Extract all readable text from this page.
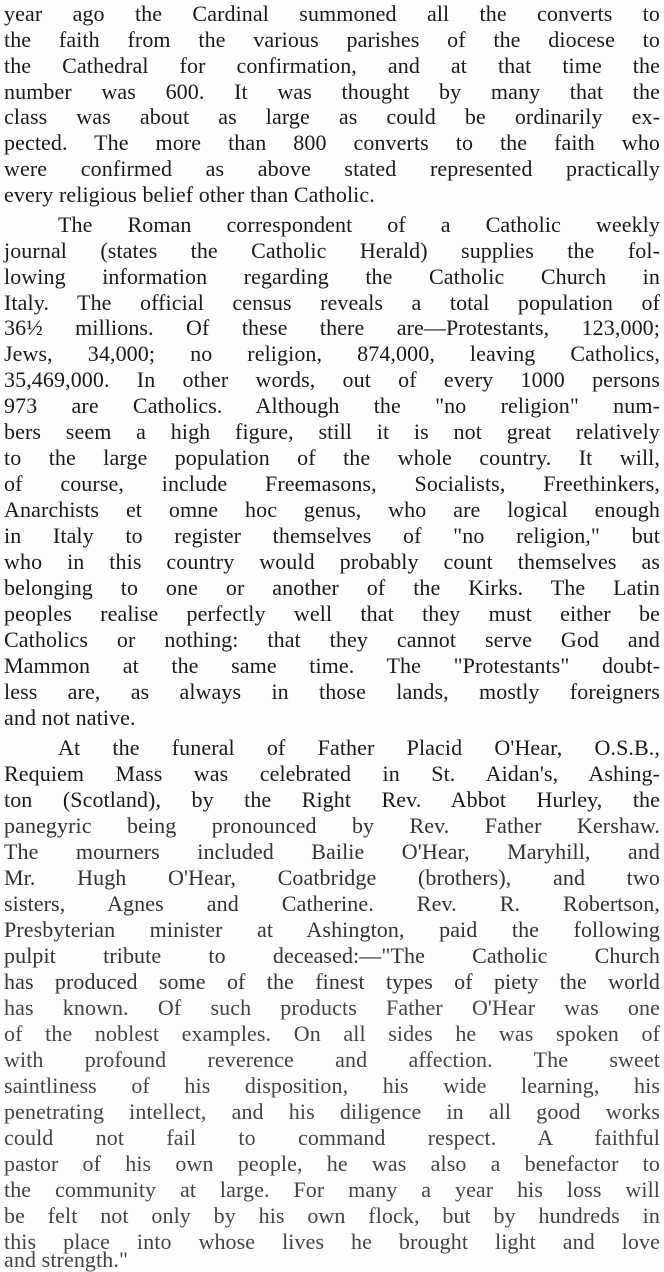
year ago the Cardinal summoned all the converts to
the faith from the various parishes of the diocese to
the Cathedral for confirmation, and at that time the
number was 600. It was thought by many that the
class was about as large as could be ordinarily ex-
pected. The more than 800 converts to the faith who
were confirmed as above stated represented practically
every religious belief other than Catholic.
The Roman correspondent of a Catholic weekly
journal (states the Catholic Herald) supplies the fol-
lowing information regarding the Catholic Church in
Italy. The official census reveals a total population of
36½ millions. Of these there are—Protestants, 123,000;
Jews, 34,000; no religion, 874,000, leaving Catholics,
35,469,000. In other words, out of every 1000 persons
973 are Catholics. Although the "no religion" num-
bers seem a high figure, still it is not great relatively
to the large population of the whole country. It will,
of course, include Freemasons, Socialists, Freethinkers,
Anarchists et omne hoc genus, who are logical enough
in Italy to register themselves of "no religion," but
who in this country would probably count themselves as
belonging to one or another of the Kirks. The Latin
peoples realise perfectly well that they must either be
Catholics or nothing: that they cannot serve God and
Mammon at the same time. The "Protestants" doubt-
less are, as always in those lands, mostly foreigners
and not native.
At the funeral of Father Placid O'Hear, O.S.B.,
Requiem Mass was celebrated in St. Aidan's, Ashing-
ton (Scotland), by the Right Rev. Abbot Hurley, the
panegyric being pronounced by Rev. Father Kershaw.
The mourners included Bailie O'Hear, Maryhill, and
Mr. Hugh O'Hear, Coatbridge (brothers), and two
sisters, Agnes and Catherine. Rev. R. Robertson,
Presbyterian minister at Ashington, paid the following
pulpit tribute to deceased:—"The Catholic Church
has produced some of the finest types of piety the world
has known. Of such products Father O'Hear was one
of the noblest examples. On all sides he was spoken of
with profound reverence and affection. The sweet
saintliness of his disposition, his wide learning, his
penetrating intellect, and his diligence in all good works
could not fail to command respect. A faithful
pastor of his own people, he was also a benefactor to
the community at large. For many a year his loss will
be felt not only by his own flock, but by hundreds in
this place into whose lives he brought light and love
and strength."
